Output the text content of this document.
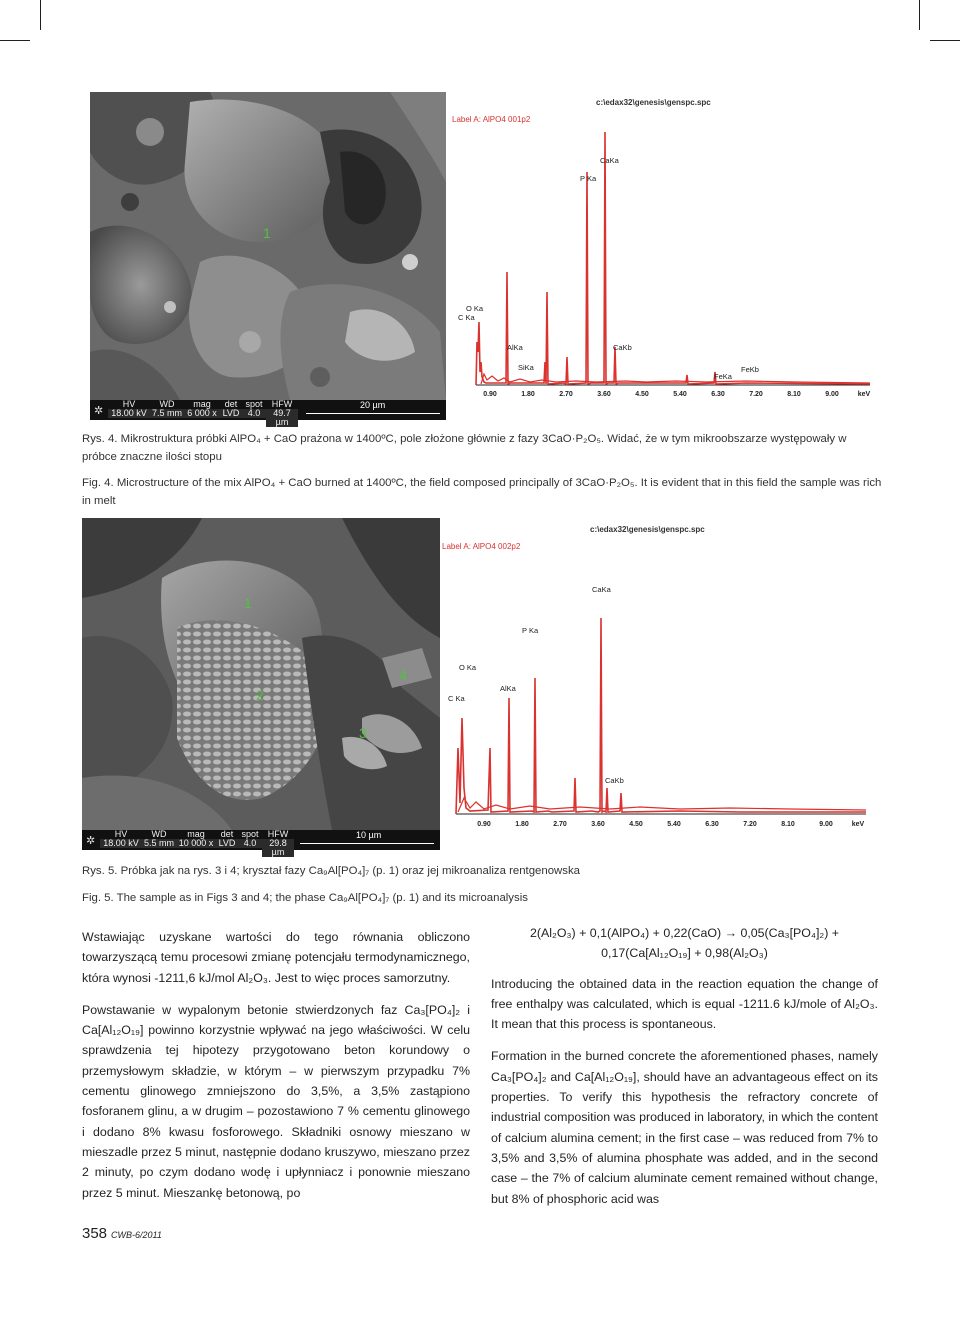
1
✲
HV
18.00 kV
WD
7.5 mm
mag
6 000 x
det
LVD
spot
4.0
HFW
49.7 µm
20 µm
c:\edax32\genesis\genspc.spc
Label A: AlPO4 001p2
CaKa
P Ka
O Ka
C Ka
AlKa
SiKa
CaKb
FeKb
FeKa
0.90	1.80	2.70	3.60	4.50	5.40	6.30	7.20	8.10	9.00	keV
Rys. 4. Mikrostruktura próbki AlPO₄ + CaO prażona w 1400ºC, pole złożone głównie z fazy 3CaO·P₂O₅. Widać, że w tym mikroobszarze występowały w próbce znaczne ilości stopu
Fig. 4. Microstructure of the mix AlPO₄ + CaO burned at 1400ºC, the field composed principally of 3CaO·P₂O₅. It is evident that in this field the sample was rich in melt
1
2
3
4
✲
HV
18.00 kV
WD
5.5 mm
mag
10 000 x
det
LVD
spot
4.0
HFW
29.8 µm
10 µm
c:\edax32\genesis\genspc.spc
Label A: AlPO4 002p2
CaKa
P Ka
O Ka
C Ka
AlKa
CaKb
0.90	1.80	2.70	3.60	4.50	5.40	6.30	7.20	8.10	9.00	keV
Rys. 5. Próbka jak na rys. 3 i 4; kryształ fazy Ca₉Al[PO₄]₇ (p. 1) oraz jej mikroanaliza rentgenowska
Fig. 5. The sample as in Figs 3 and 4; the phase Ca₉Al[PO₄]₇ (p. 1) and its microanalysis

Wstawiając uzyskane wartości do tego równania obliczono towarzyszącą temu procesowi zmianę potencjału termodynamicznego, która wynosi -1211,6 kJ/mol Al₂O₃. Jest to więc proces samorzutny.

Powstawanie w wypalonym betonie stwierdzonych faz Ca₃[PO₄]₂ i Ca[Al₁₂O₁₉] powinno korzystnie wpływać na jego właściwości. W celu sprawdzenia tej hipotezy przygotowano beton korundowy o przemysłowym składzie, w którym – w pierwszym przypadku 7% cementu glinowego zmniejszono do 3,5%, a 3,5% zastąpiono fosforanem glinu, a w drugim – pozostawiono 7 % cementu glinowego i dodano 8% kwasu fosforowego. Składniki osnowy mieszano w mieszadle przez 5 minut, następnie dodano kruszywo, mieszano przez 2 minuty, po czym dodano wodę i upłynniacz i ponownie mieszano przez 5 minut. Mieszankę betonową, po

2(Al₂O₃) + 0,1(AlPO₄) + 0,22(CaO) → 0,05(Ca₃[PO₄]₂) +
0,17(Ca[Al₁₂O₁₉] + 0,98(Al₂O₃)

Introducing the obtained data in the reaction equation the change of free enthalpy was calculated, which is equal -1211.6 kJ/mole of Al₂O₃. It mean that this process is spontaneous.

Formation in the burned concrete the aforementioned phases, namely Ca₃[PO₄]₂ and Ca[Al₁₂O₁₉], should have an advantageous effect on its properties. To verify this hypothesis the refractory concrete of industrial composition was produced in laboratory, in which the content of calcium alumina cement; in the first case – was reduced from 7% to 3,5% and 3,5% of alumina phosphate was added, and in the second case – the 7% of calcium aluminate cement remained without change, but 8% of phosphoric acid was

358 CWB-6/2011
